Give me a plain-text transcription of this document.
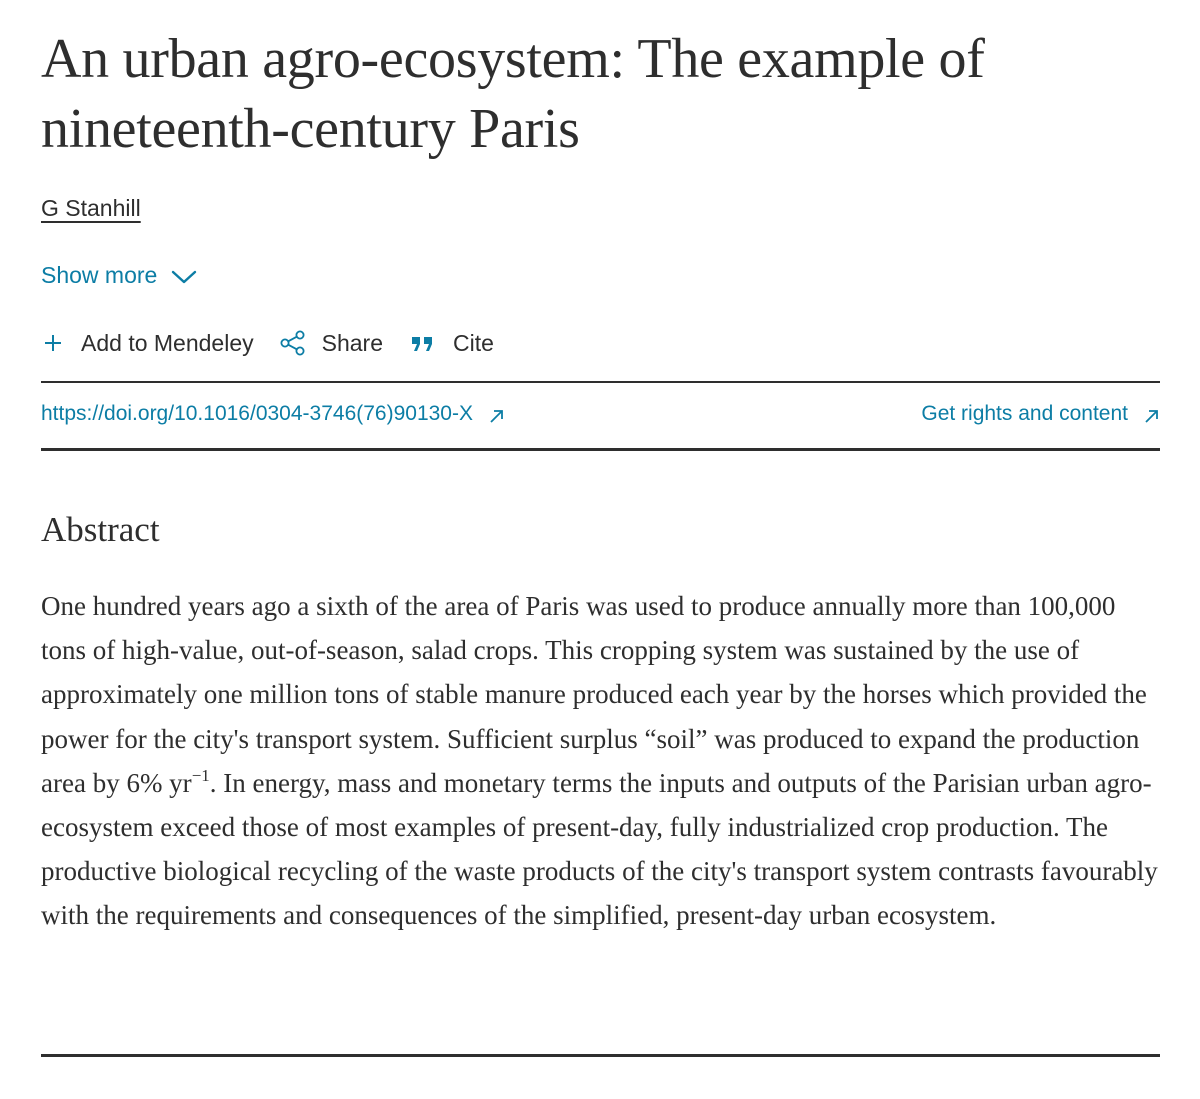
An urban agro-ecosystem: The example of
nineteenth-century Paris
G Stanhill
Show more
Add to Mendeley	Share	Cite
https://doi.org/10.1016/0304-3746(76)90130-X	Get rights and content
Abstract

One hundred years ago a sixth of the area of Paris was used to produce annually more than 100,000 tons of high-value, out-of-season, salad crops. This cropping system was sustained by the use of approximately one million tons of stable manure produced each year by the horses which provided the power for the city's transport system. Sufficient surplus “soil” was produced to expand the production area by 6% $yr^{-1}$. In energy, mass and monetary terms the inputs and outputs of the Parisian urban agro-ecosystem exceed those of most examples of present-day, fully industrialized crop production. The productive biological recycling of the waste products of the city's transport system contrasts favourably with the requirements and consequences of the simplified, present-day urban ecosystem.
